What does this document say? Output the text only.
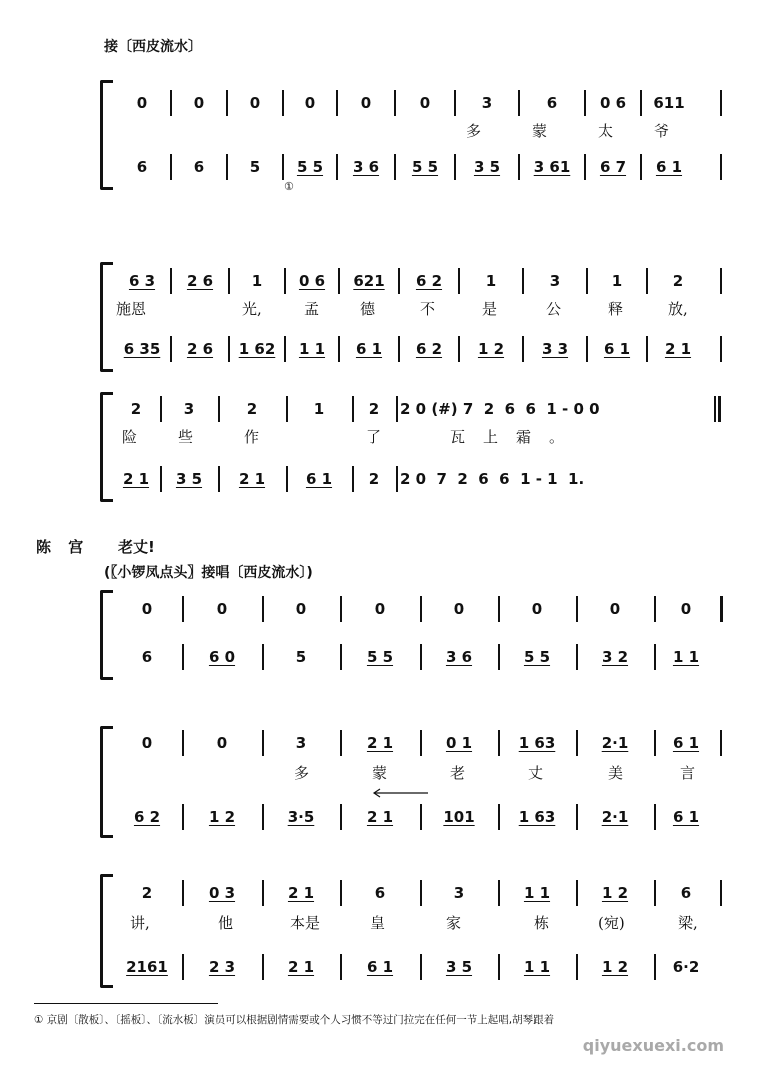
接〔西皮流水〕
0	0	0	0	0	0	3	6	0 6	611
多	蒙	太	爷
6	6	5	5 5	3 6	5 5	3 5	3 61	6 7	6 1
①
6 3	2 6	1	0 6	621	6 2	1	3	1	2
施恩	光,	孟	德	不	是	公	释	放,
6 35	2 6	1 62	1 1	6 1	6 2	1 2	3 3	6 1	2 1
2	3	2	1	2	2 0 (#) 7  2  6  6  1 - 0 0
险	些	作	了	瓦上霜。
2 1	3 5	2 1	6 1	2	2 0  7  2  6  6  1 - 1  1.
陈 宫 老丈!
(〖小锣凤点头〗接唱〔西皮流水〕)
0	0	0	0	0	0	0	0
6	6 0	5	5 5	3 6	5 5	3 2	1 1
0	0	3	2 1	0 1	1 63	2·1	6 1
多	蒙	老	丈	美	言
6 2	1 2	3·5	2 1	101	1 63	2·1	6 1
2	0 3	2 1	6	3	1 1	1 2	6
讲,	他	本是	皇	家	栋	(宛)	梁,
2161	2 3	2 1	6 1	3 5	1 1	1 2	6·2
① 京剧〔散板〕、〔摇板〕、〔流水板〕演员可以根据剧情需要或个人习惯不等过门拉完在任何一节上起唱,胡琴跟着
qiyuexuexi.com
